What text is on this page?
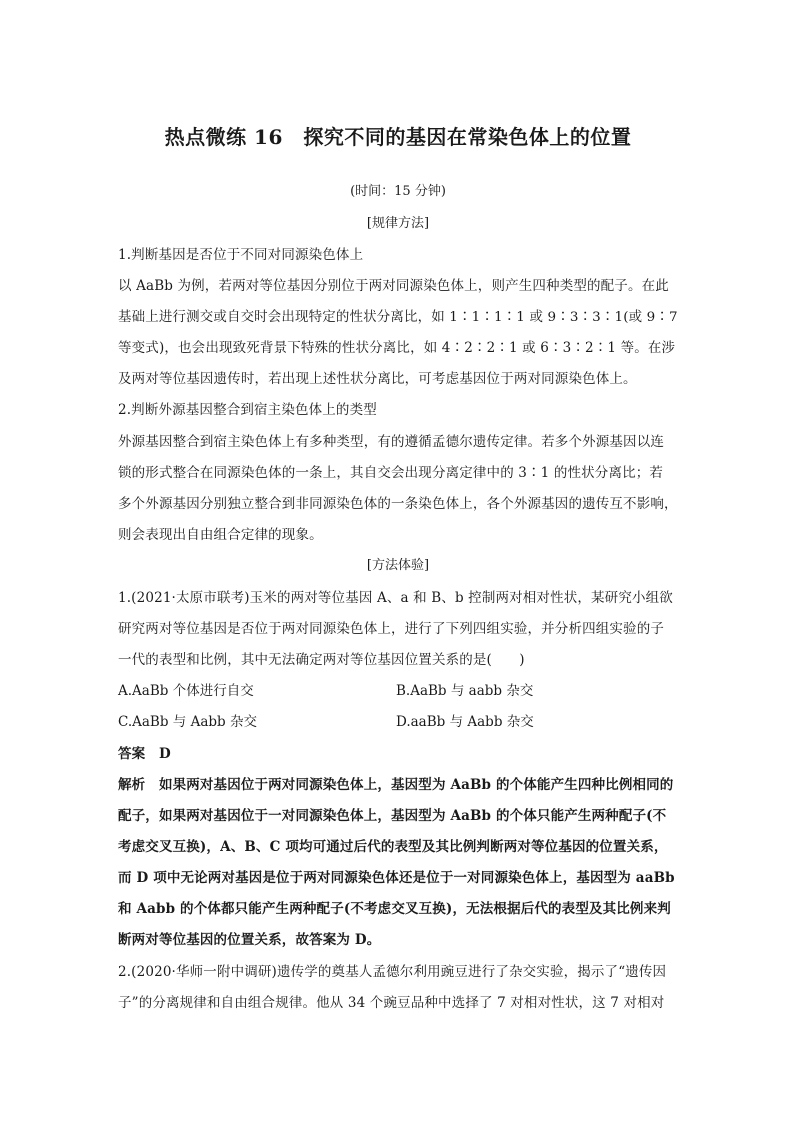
热点微练 16　探究不同的基因在常染色体上的位置

(时间：15 分钟)

[规律方法]

1.判断基因是否位于不同对同源染色体上

以 AaBb 为例，若两对等位基因分别位于两对同源染色体上，则产生四种类型的配子。在此

基础上进行测交或自交时会出现特定的性状分离比，如 1∶1∶1∶1 或 9∶3∶3∶1(或 9∶7

等变式)，也会出现致死背景下特殊的性状分离比，如 4∶2∶2∶1 或 6∶3∶2∶1 等。在涉

及两对等位基因遗传时，若出现上述性状分离比，可考虑基因位于两对同源染色体上。

2.判断外源基因整合到宿主染色体上的类型

外源基因整合到宿主染色体上有多种类型，有的遵循孟德尔遗传定律。若多个外源基因以连

锁的形式整合在同源染色体的一条上，其自交会出现分离定律中的 3∶1 的性状分离比；若

多个外源基因分别独立整合到非同源染色体的一条染色体上，各个外源基因的遗传互不影响，

则会表现出自由组合定律的现象。

[方法体验]

1.(2021·太原市联考)玉米的两对等位基因 A、a 和 B、b 控制两对相对性状，某研究小组欲

研究两对等位基因是否位于两对同源染色体上，进行了下列四组实验，并分析四组实验的子

一代的表型和比例，其中无法确定两对等位基因位置关系的是(　　)

A.AaBb 个体进行自交	B.AaBb 与 aabb 杂交

C.AaBb 与 Aabb 杂交	D.aaBb 与 Aabb 杂交

答案　D

解析　如果两对基因位于两对同源染色体上，基因型为 AaBb 的个体能产生四种比例相同的

配子，如果两对基因位于一对同源染色体上，基因型为 AaBb 的个体只能产生两种配子(不

考虑交叉互换)，A、B、C 项均可通过后代的表型及其比例判断两对等位基因的位置关系，

而 D 项中无论两对基因是位于两对同源染色体还是位于一对同源染色体上，基因型为 aaBb

和 Aabb 的个体都只能产生两种配子(不考虑交叉互换)，无法根据后代的表型及其比例来判

断两对等位基因的位置关系，故答案为 D。

2.(2020·华师一附中调研)遗传学的奠基人孟德尔利用豌豆进行了杂交实验，揭示了“遗传因

子”的分离规律和自由组合规律。他从 34 个豌豆品种中选择了 7 对相对性状，这 7 对相对
